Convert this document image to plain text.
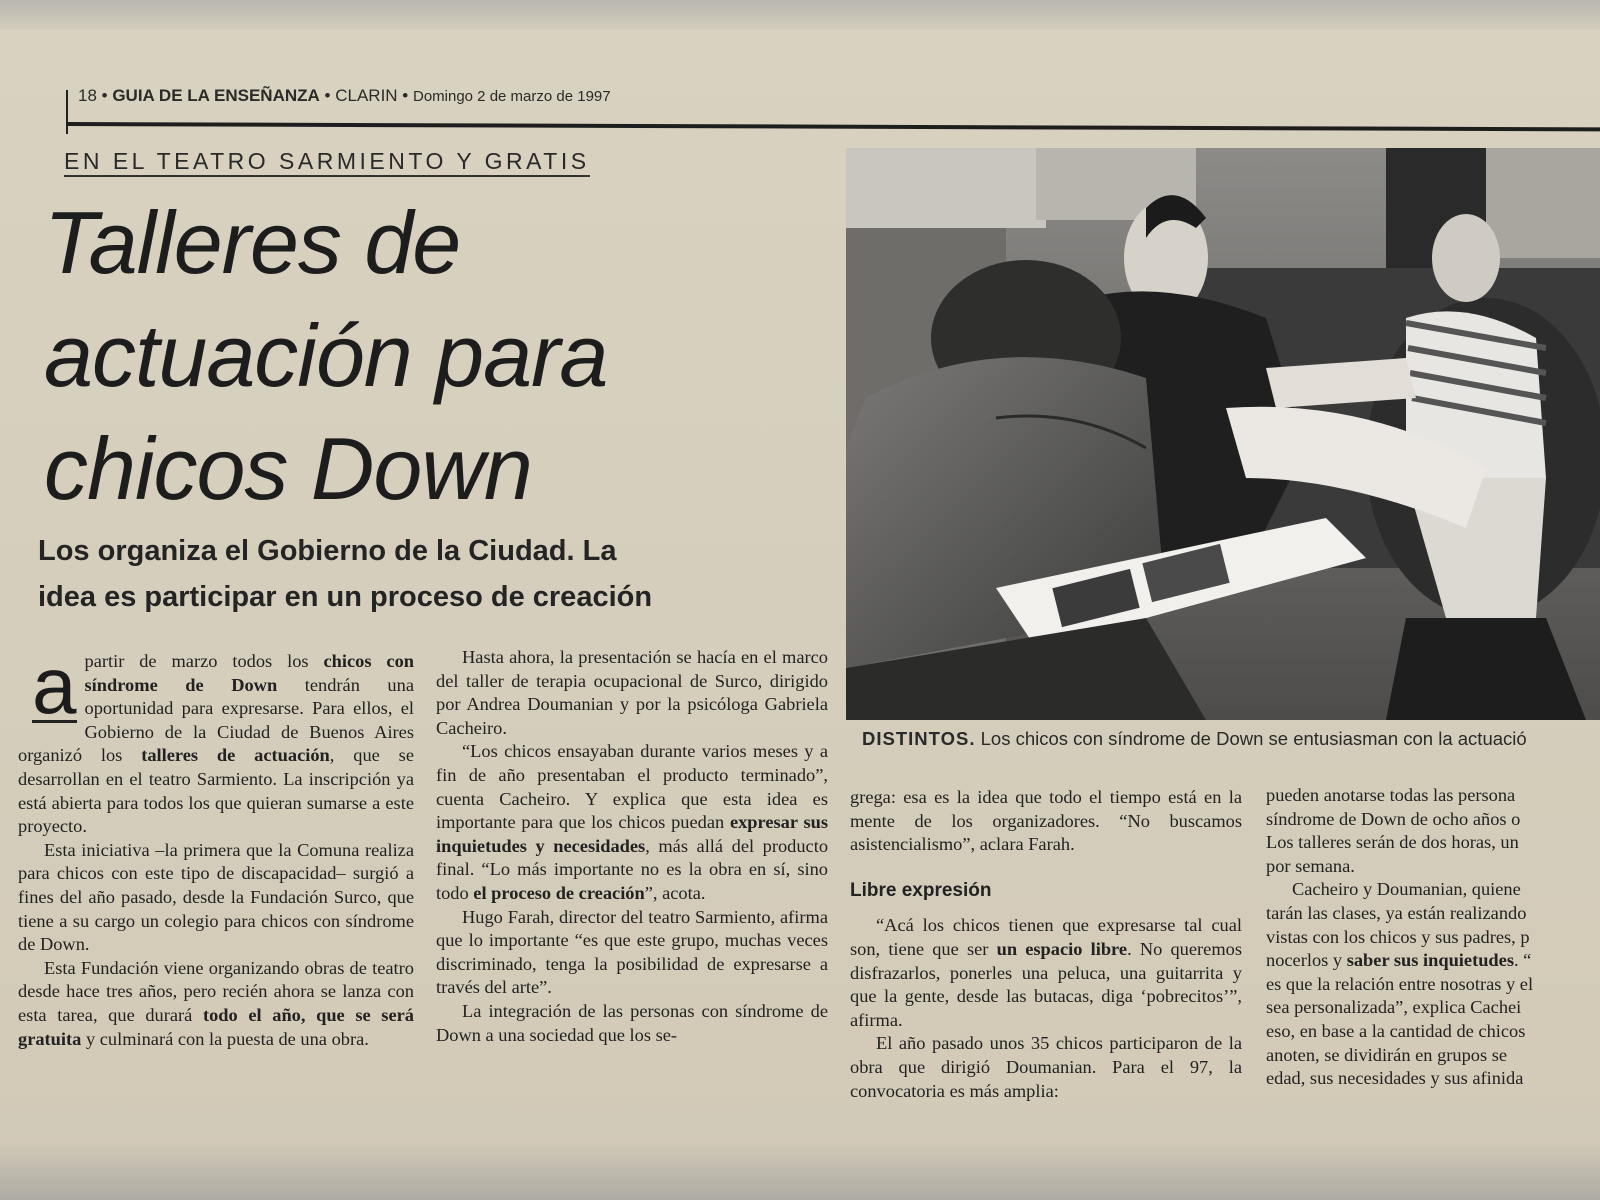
18 • GUIA DE LA ENSEÑANZA • CLARIN • Domingo 2 de marzo de 1997
EN EL TEATRO SARMIENTO Y GRATIS
Talleres de
actuación para
chicos Down
Los organiza el Gobierno de la Ciudad. La
idea es participar en un proceso de creación
DISTINTOS. Los chicos con síndrome de Down se entusiasman con la actuació

a partir de marzo todos los chicos con síndrome de Down tendrán una oportunidad para expresarse. Para ellos, el Gobierno de la Ciudad de Buenos Aires organizó los talleres de actuación, que se desarrollan en el teatro Sarmiento. La inscripción ya está abierta para todos los que quieran sumarse a este proyecto.

Esta iniciativa –la primera que la Comuna realiza para chicos con este tipo de discapacidad– surgió a fines del año pasado, desde la Fundación Surco, que tiene a su cargo un colegio para chicos con síndrome de Down.

Esta Fundación viene organizando obras de teatro desde hace tres años, pero recién ahora se lanza con esta tarea, que durará todo el año, que se será gratuita y culminará con la puesta de una obra.

Hasta ahora, la presentación se hacía en el marco del taller de terapia ocupacional de Surco, dirigido por Andrea Doumanian y por la psicóloga Gabriela Cacheiro.

“Los chicos ensayaban durante varios meses y a fin de año presentaban el producto terminado”, cuenta Cacheiro. Y explica que esta idea es importante para que los chicos puedan expresar sus inquietudes y necesidades, más allá del producto final. “Lo más importante no es la obra en sí, sino todo el proceso de creación”, acota.

Hugo Farah, director del teatro Sarmiento, afirma que lo importante “es que este grupo, muchas veces discriminado, tenga la posibilidad de expresarse a través del arte”.

La integración de las personas con síndrome de Down a una sociedad que los se-

grega: esa es la idea que todo el tiempo está en la mente de los organizadores. “No buscamos asistencialismo”, aclara Farah.

Libre expresión

“Acá los chicos tienen que expresarse tal cual son, tiene que ser un espacio libre. No queremos disfrazarlos, ponerles una peluca, una guitarrita y que la gente, desde las butacas, diga ‘pobrecitos’”, afirma.

El año pasado unos 35 chicos participaron de la obra que dirigió Doumanian. Para el 97, la convocatoria es más amplia:

pueden anotarse todas las persona
síndrome de Down de ocho años o
Los talleres serán de dos horas, un
por semana.
Cacheiro y Doumanian, quiene
tarán las clases, ya están realizando
vistas con los chicos y sus padres, p
nocerlos y saber sus inquietudes. “
es que la relación entre nosotras y el
sea personalizada”, explica Cachei
eso, en base a la cantidad de chicos
anoten, se dividirán en grupos se
edad, sus necesidades y sus afinida
